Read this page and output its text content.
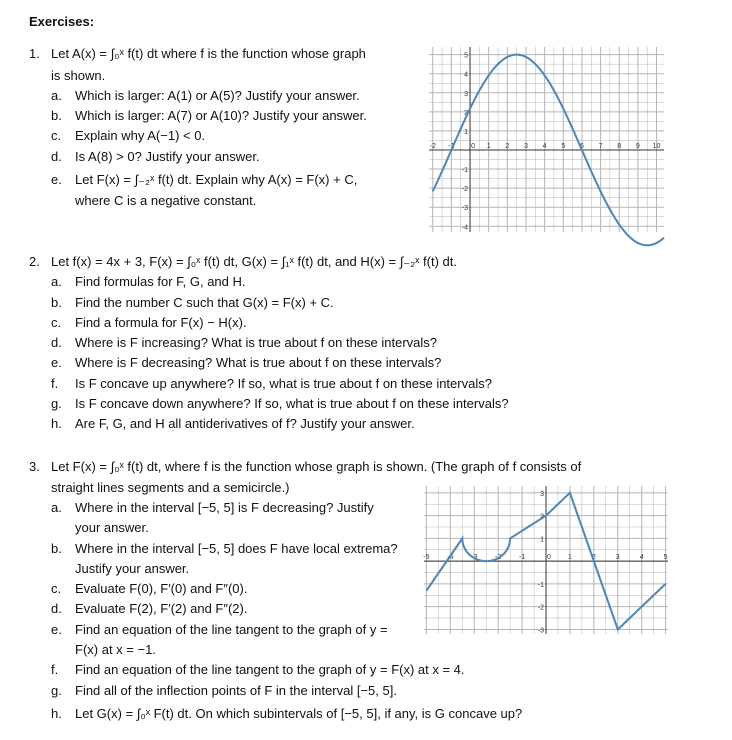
Exercises:
1. Let A(x) = ∫₀ˣ f(t) dt where f is the function whose graph
is shown.
a. Which is larger: A(1) or A(5)? Justify your answer.
b. Which is larger: A(7) or A(10)? Justify your answer.
c. Explain why A(−1) < 0.
d. Is A(8) > 0? Justify your answer.
e. Let F(x) = ∫₋₂ˣ f(t) dt. Explain why A(x) = F(x) + C,
where C is a negative constant.
-2 -1 0 1 2 3 4 5 6 7 8 9 10
5
4
3
2
1
-1
-2
-3
-4
2. Let f(x) = 4x + 3, F(x) = ∫₀ˣ f(t) dt, G(x) = ∫₁ˣ f(t) dt, and H(x) = ∫₋₂ˣ f(t) dt.
a. Find formulas for F, G, and H.
b. Find the number C such that G(x) = F(x) + C.
c. Find a formula for F(x) − H(x).
d. Where is F increasing? What is true about f on these intervals?
e. Where is F decreasing? What is true about f on these intervals?
f. Is F concave up anywhere? If so, what is true about f on these intervals?
g. Is F concave down anywhere? If so, what is true about f on these intervals?
h. Are F, G, and H all antiderivatives of f? Justify your answer.
3. Let F(x) = ∫₀ˣ f(t) dt, where f is the function whose graph is shown. (The graph of f consists of
straight lines segments and a semicircle.)
a. Where in the interval [−5, 5] is F decreasing? Justify
your answer.
b. Where in the interval [−5, 5] does F have local extrema?
Justify your answer.
c. Evaluate F(0), F′(0) and F″(0).
d. Evaluate F(2), F′(2) and F″(2).
e. Find an equation of the line tangent to the graph of y =
F(x) at x = −1.
f. Find an equation of the line tangent to the graph of y = F(x) at x = 4.
g. Find all of the inflection points of F in the interval [−5, 5].
h. Let G(x) = ∫₀ˣ F(t) dt. On which subintervals of [−5, 5], if any, is G concave up?
-5	-4	-3	-2	-1	0 1	2	3	4	5
3
2
1
-1
-2
-3
